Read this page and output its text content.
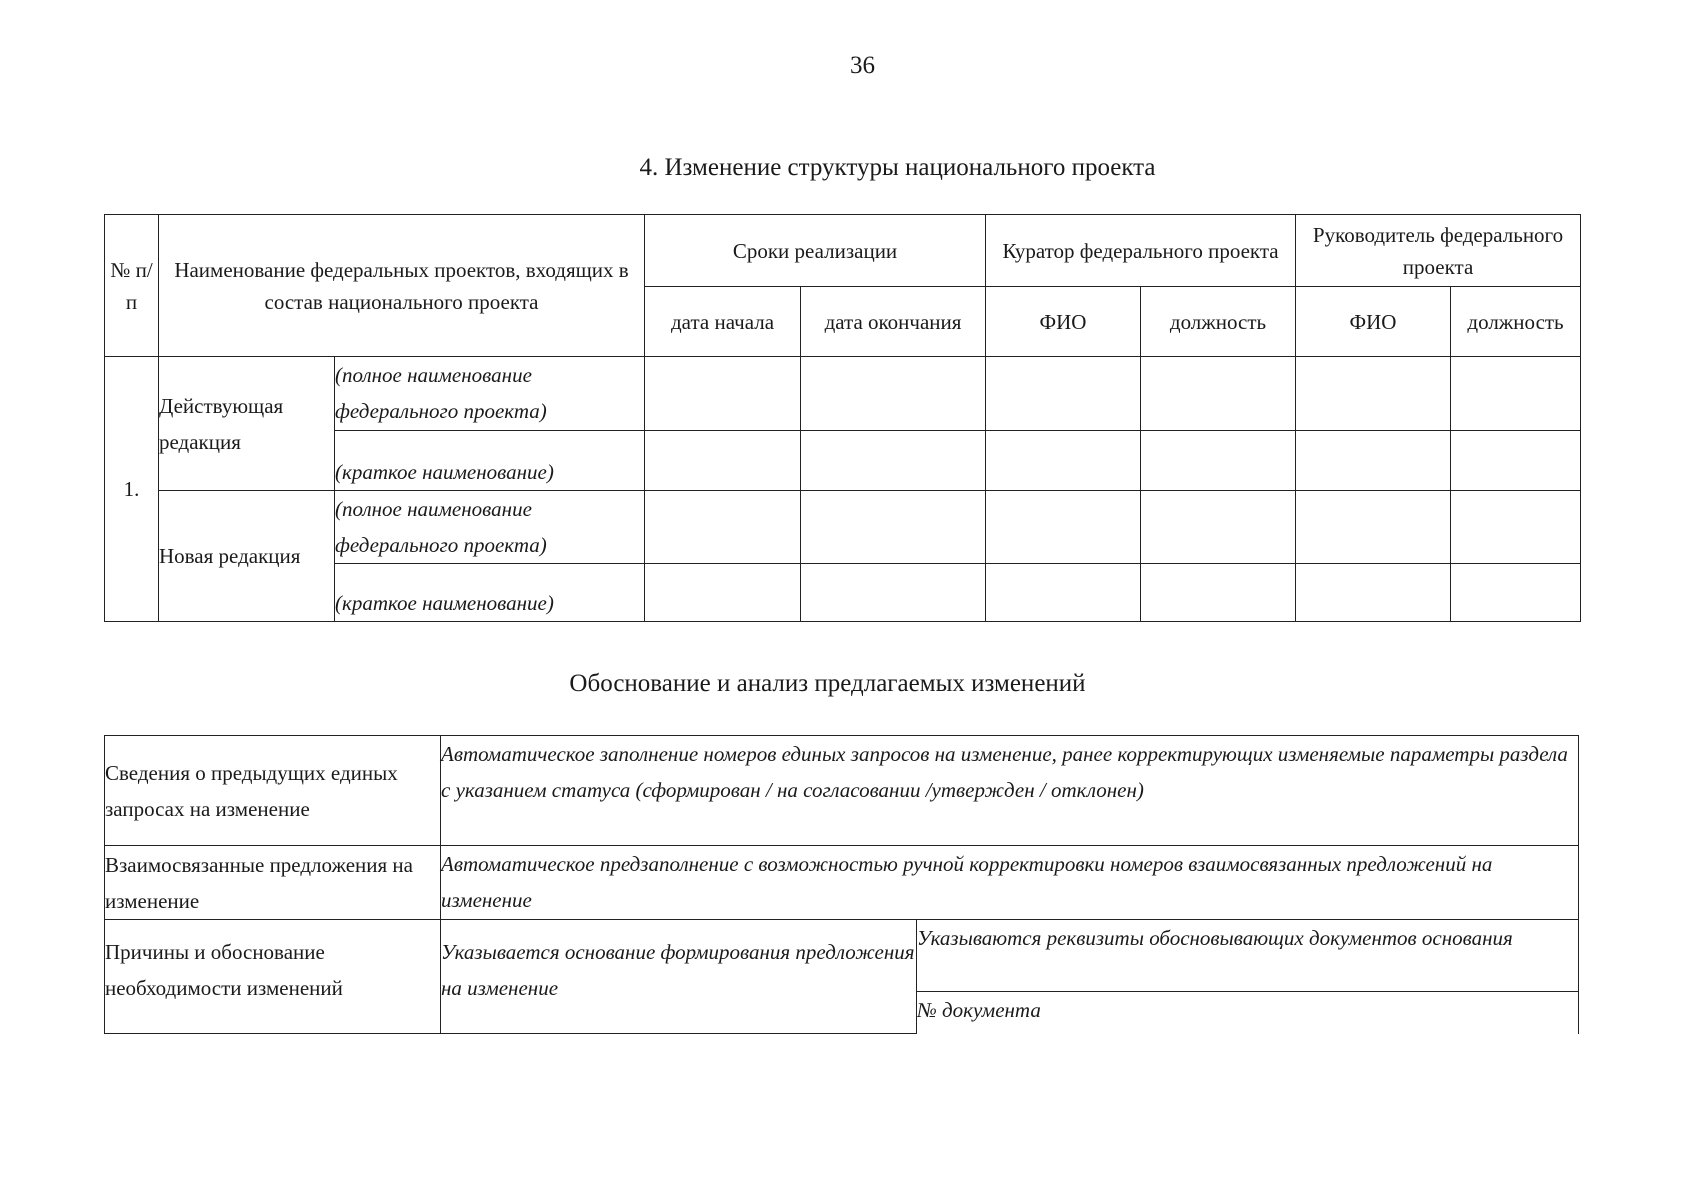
36
4. Изменение структуры национального проекта
№ п/п	Наименование федеральных проектов, входящих в состав национального проекта		Сроки реализации		Куратор федерального проекта		Руководитель федерального проекта	
			дата начала	дата окончания	ФИО	должность	ФИО	должность
1.	Действующая редакция	(полное наименование федерального проекта)						
		(краткое наименование)						
	Новая редакция	(полное наименование федерального проекта)						
		(краткое наименование)						
Обоснование и анализ предлагаемых изменений
Сведения о предыдущих единых запросах на изменение	Автоматическое заполнение номеров единых запросов на изменение, ранее корректирующих изменяемые параметры раздела с указанием статуса (сформирован / на согласовании /утвержден / отклонен)	
Взаимосвязанные предложения на изменение	Автоматическое предзаполнение с возможностью ручной корректировки номеров взаимосвязанных предложений на изменение	
Причины и обоснование необходимости изменений	Указывается основание формирования предложения на изменение	Указываются реквизиты обосновывающих документов основания
		№ документа
